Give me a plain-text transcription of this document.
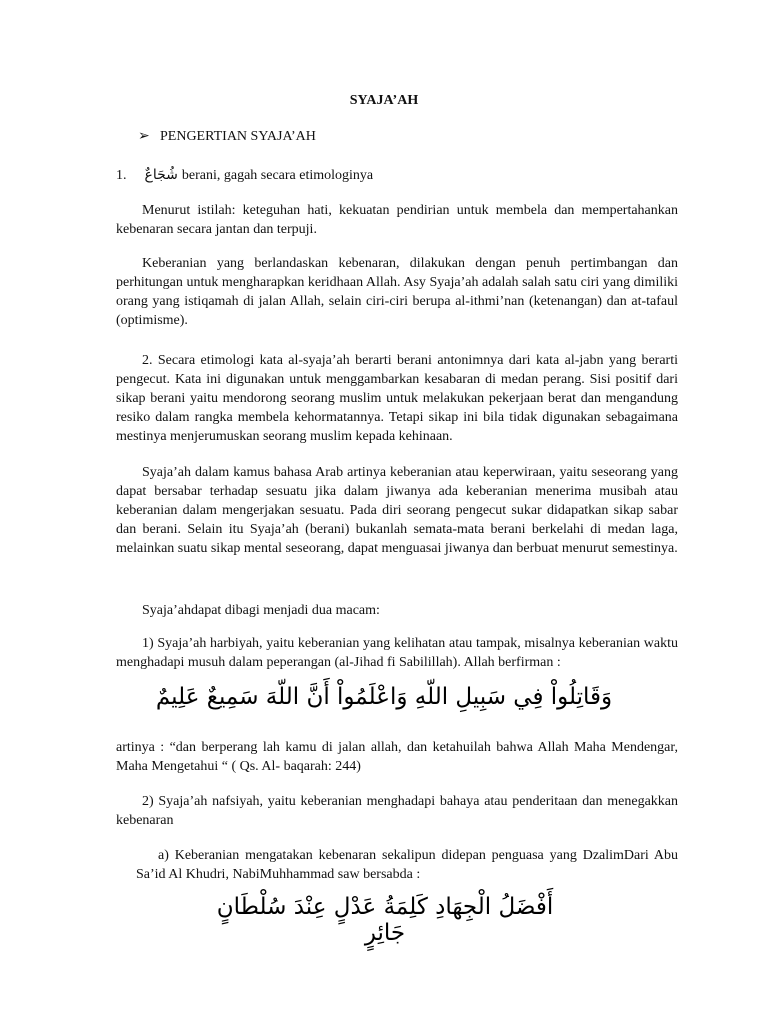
SYAJA’AH
➢ PENGERTIAN SYAJA’AH
1. شُجَاعٌ berani, gagah secara etimologinya

Menurut istilah: keteguhan hati, kekuatan pendirian untuk membela dan mempertahankan kebenaran secara jantan dan terpuji.

Keberanian yang berlandaskan kebenaran, dilakukan dengan penuh pertimbangan dan perhitungan untuk mengharapkan keridhaan Allah. Asy Syaja’ah adalah salah satu ciri yang dimiliki orang yang istiqamah di jalan Allah, selain ciri-ciri berupa al-ithmi’nan (ketenangan) dan at-tafaul (optimisme).

2. Secara etimologi kata al-syaja’ah berarti berani antonimnya dari kata al-jabn yang berarti pengecut. Kata ini digunakan untuk menggambarkan kesabaran di medan perang. Sisi positif dari sikap berani yaitu mendorong seorang muslim untuk melakukan pekerjaan berat dan mengandung resiko dalam rangka membela kehormatannya. Tetapi sikap ini bila tidak digunakan sebagaimana mestinya menjerumuskan seorang muslim kepada kehinaan.

Syaja’ah dalam kamus bahasa Arab artinya keberanian atau keperwiraan, yaitu seseorang yang dapat bersabar terhadap sesuatu jika dalam jiwanya ada keberanian menerima musibah atau keberanian dalam mengerjakan sesuatu. Pada diri seorang pengecut sukar didapatkan sikap sabar dan berani. Selain itu Syaja’ah (berani) bukanlah semata-mata berani berkelahi di medan laga, melainkan suatu sikap mental seseorang, dapat menguasai jiwanya dan berbuat menurut semestinya.

Syaja’ahdapat dibagi menjadi dua macam:

1) Syaja’ah harbiyah, yaitu keberanian yang kelihatan atau tampak, misalnya keberanian waktu menghadapi musuh dalam peperangan (al-Jihad fi Sabilillah). Allah berfirman :

وَقَاتِلُواْ فِي سَبِيلِ اللّهِ وَاعْلَمُواْ أَنَّ اللّهَ سَمِيعٌ عَلِيمٌ

artinya : “dan berperang lah kamu di jalan allah, dan ketahuilah bahwa Allah Maha Mendengar, Maha Mengetahui “ ( Qs. Al- baqarah: 244)

2) Syaja’ah nafsiyah, yaitu keberanian menghadapi bahaya atau penderitaan dan menegakkan kebenaran

a) Keberanian mengatakan kebenaran sekalipun didepan penguasa yang DzalimDari Abu Sa’id Al Khudri, NabiMuhhammad saw bersabda :

أَفْضَلُ الْجِهَادِ كَلِمَةُ عَدْلٍ عِنْدَ سُلْطَانٍ جَائِرٍ
